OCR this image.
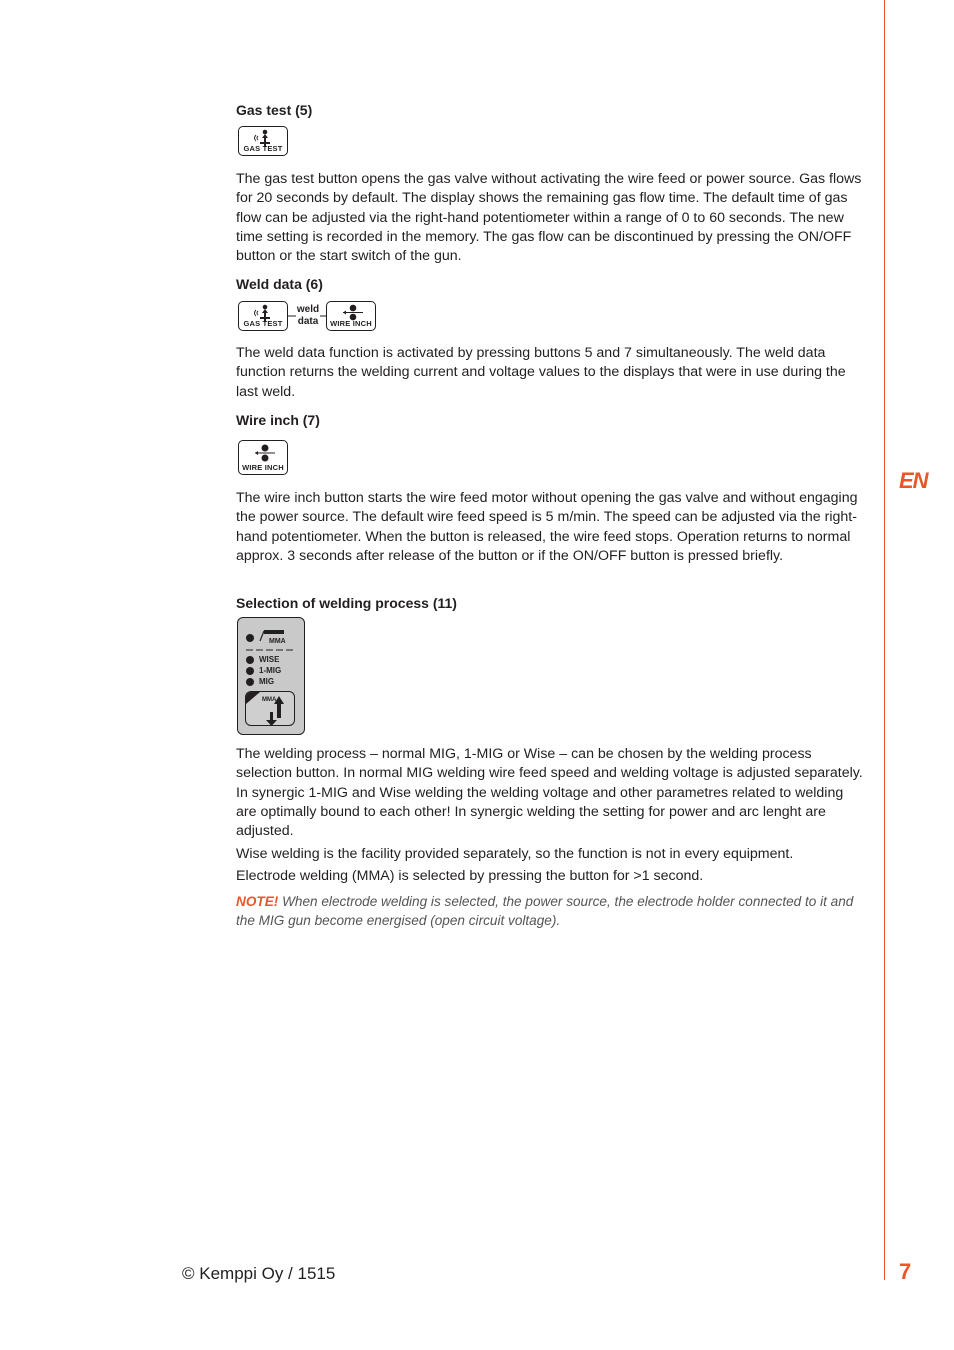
EN
7
© Kemppi Oy / 1515
Gas test (5)
GAS TEST

The gas test button opens the gas valve without activating the wire feed or power source. Gas flows for 20 seconds by default. The display shows the remaining gas flow time. The default time of gas flow can be adjusted via the right-hand potentiometer within a range of 0 to 60 seconds. The new time setting is recorded in the memory. The gas flow can be discontinued by pressing the ON/OFF button or the start switch of the gun.

Weld data (6)
GAS TEST
weld
data	WIRE INCH

The weld data function is activated by pressing buttons 5 and 7 simultaneously. The weld data function returns the welding current and voltage values to the displays that were in use during the last weld.

Wire inch (7)
WIRE INCH

The wire inch button starts the wire feed motor without opening the gas valve and without engaging the power source. The default wire feed speed is 5 m/min. The speed can be adjusted via the right-hand potentiometer. When the button is released, the wire feed stops. Operation returns to normal approx. 3 seconds after release of the button or if the ON/OFF button is pressed briefly.

Selection of welding process (11)
MMA
WISE
1-MIG
MIG
MMA

The welding process – normal MIG, 1-MIG or Wise – can be chosen by the welding process selection button. In normal MIG welding wire feed speed and welding voltage is adjusted separately. In synergic 1-MIG and Wise welding the welding voltage and other parametres related to welding are optimally bound to each other! In synergic welding the setting for power and arc lenght are adjusted.

Wise welding is the facility provided separately, so the function is not in every equipment.

Electrode welding (MMA) is selected by pressing the button for >1 second.

NOTE! When electrode welding is selected, the power source, the electrode holder connected to it and the MIG gun become energised (open circuit voltage).
